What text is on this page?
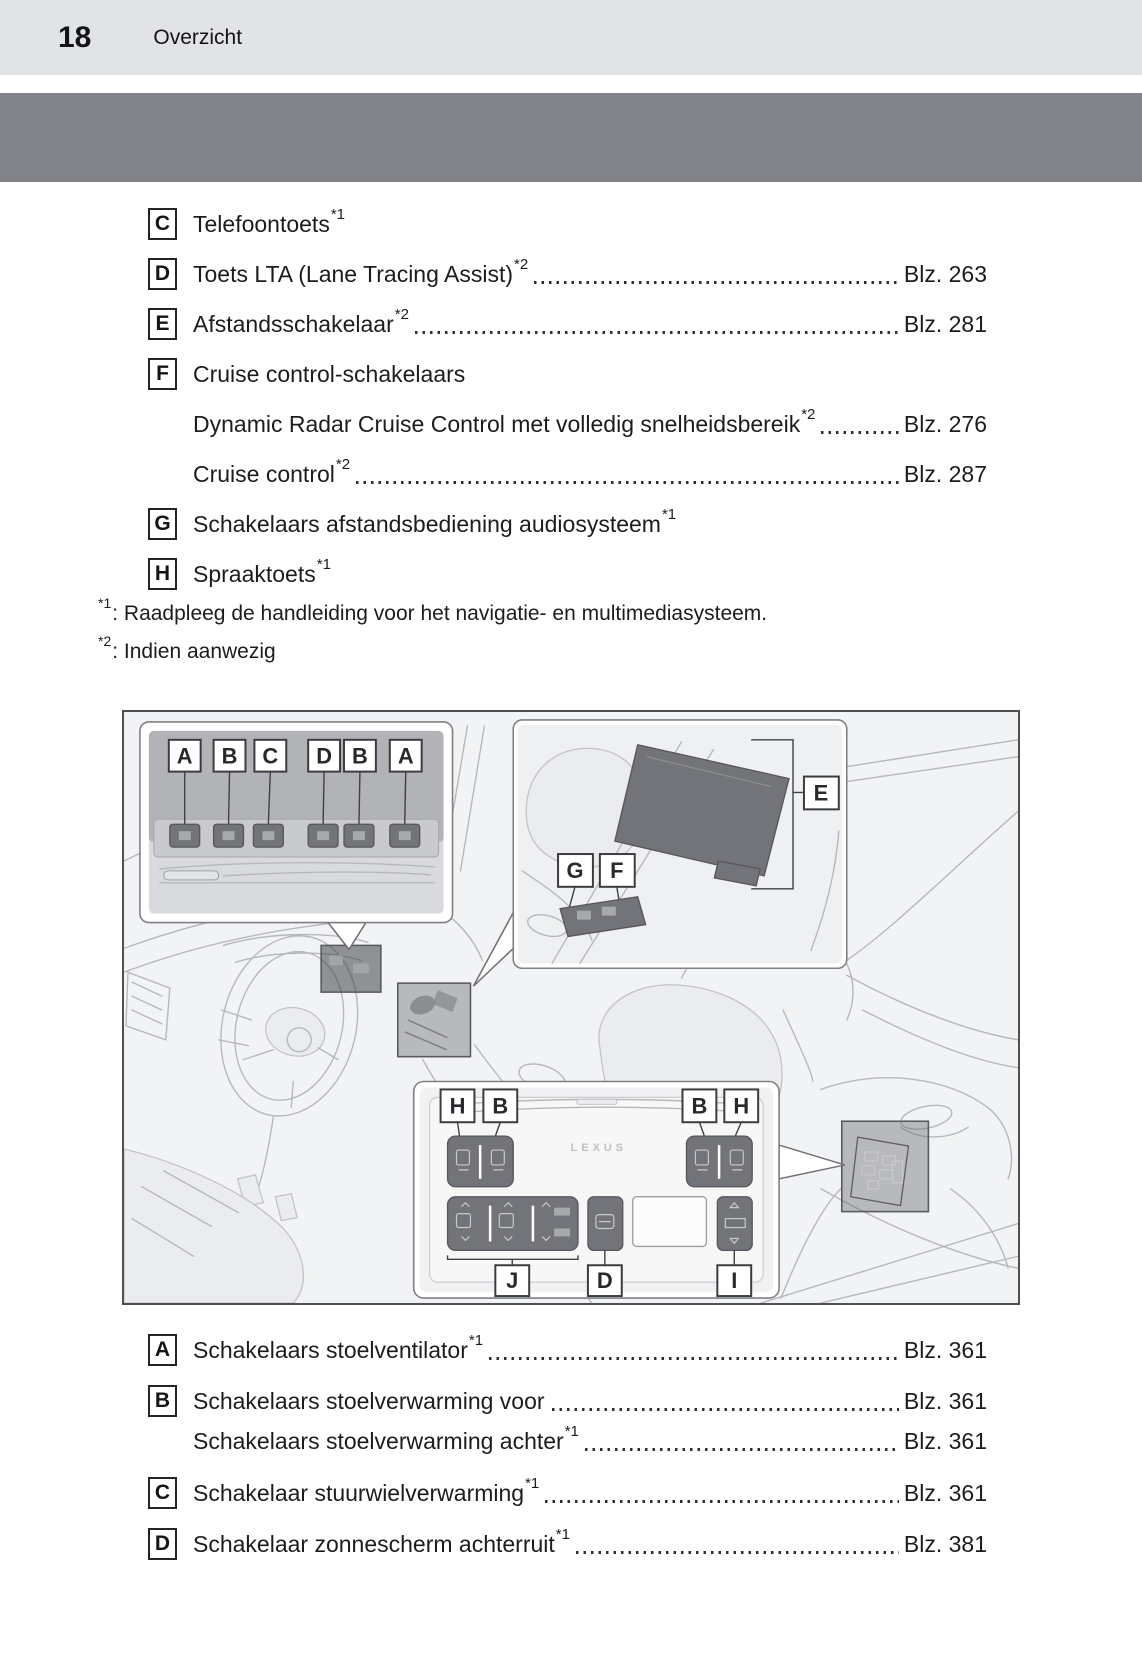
18	Overzicht
C Telefoontoets$^{*1}$
D Toets LTA (Lane Tracing Assist)$^{*2}$	Blz. 263
E	Afstandsschakelaar$^{*2}$	Blz. 281
F	Cruise control-schakelaars
Dynamic Radar Cruise Control met volledig snelheidsbereik$^{*2}$	Blz. 276
Cruise control$^{*2}$	Blz. 287
G Schakelaars afstandsbediening audiosysteem$^{*1}$
H Spraaktoets$^{*1}$
$^{*1}$: Raadpleeg de handleiding voor het navigatie- en multimediasysteem.
$^{*2}$: Indien aanwezig
A B C D B A
E
G F
LEXUS
H B	B H
J	D	I
A Schakelaars stoelventilator$^{*1}$	Blz. 361
B Schakelaars stoelverwarming voor	Blz. 361
Schakelaars stoelverwarming achter$^{*1}$	Blz. 361
C Schakelaar stuurwielverwarming$^{*1}$	Blz. 361
D Schakelaar zonnescherm achterruit$^{*1}$	Blz. 381
